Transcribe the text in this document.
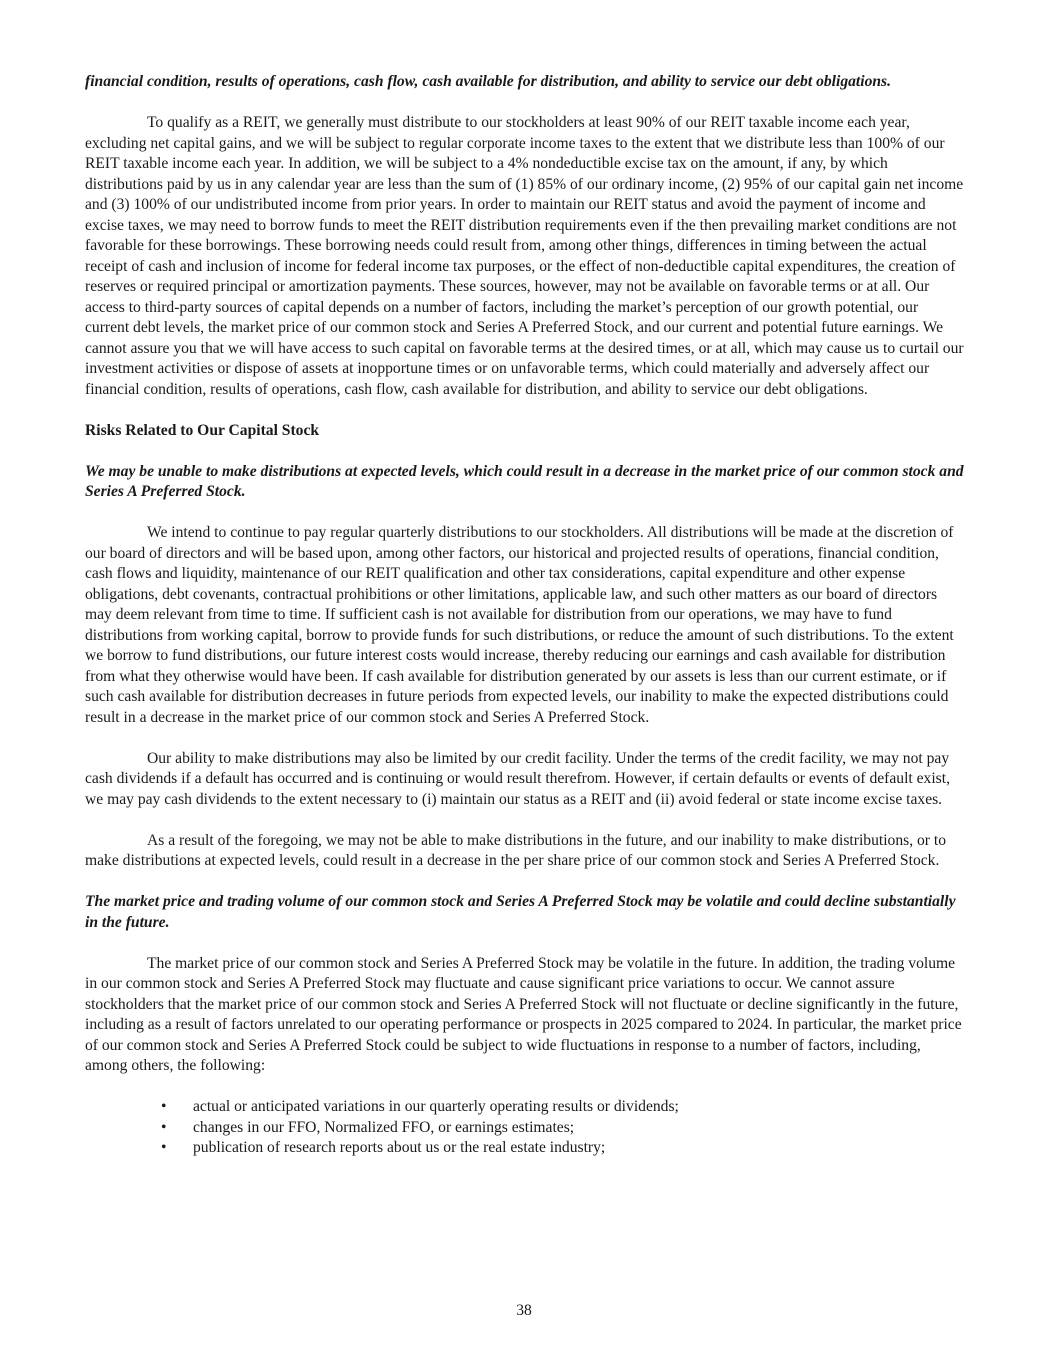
financial condition, results of operations, cash flow, cash available for distribution, and ability to service our debt obligations.

To qualify as a REIT, we generally must distribute to our stockholders at least 90% of our REIT taxable income each year, excluding net capital gains, and we will be subject to regular corporate income taxes to the extent that we distribute less than 100% of our REIT taxable income each year. In addition, we will be subject to a 4% nondeductible excise tax on the amount, if any, by which distributions paid by us in any calendar year are less than the sum of (1) 85% of our ordinary income, (2) 95% of our capital gain net income and (3) 100% of our undistributed income from prior years. In order to maintain our REIT status and avoid the payment of income and excise taxes, we may need to borrow funds to meet the REIT distribution requirements even if the then prevailing market conditions are not favorable for these borrowings. These borrowing needs could result from, among other things, differences in timing between the actual receipt of cash and inclusion of income for federal income tax purposes, or the effect of non-deductible capital expenditures, the creation of reserves or required principal or amortization payments. These sources, however, may not be available on favorable terms or at all. Our access to third-party sources of capital depends on a number of factors, including the market’s perception of our growth potential, our current debt levels, the market price of our common stock and Series A Preferred Stock, and our current and potential future earnings. We cannot assure you that we will have access to such capital on favorable terms at the desired times, or at all, which may cause us to curtail our investment activities or dispose of assets at inopportune times or on unfavorable terms, which could materially and adversely affect our financial condition, results of operations, cash flow, cash available for distribution, and ability to service our debt obligations.

Risks Related to Our Capital Stock

We may be unable to make distributions at expected levels, which could result in a decrease in the market price of our common stock and Series A Preferred Stock.

We intend to continue to pay regular quarterly distributions to our stockholders. All distributions will be made at the discretion of our board of directors and will be based upon, among other factors, our historical and projected results of operations, financial condition, cash flows and liquidity, maintenance of our REIT qualification and other tax considerations, capital expenditure and other expense obligations, debt covenants, contractual prohibitions or other limitations, applicable law, and such other matters as our board of directors may deem relevant from time to time. If sufficient cash is not available for distribution from our operations, we may have to fund distributions from working capital, borrow to provide funds for such distributions, or reduce the amount of such distributions. To the extent we borrow to fund distributions, our future interest costs would increase, thereby reducing our earnings and cash available for distribution from what they otherwise would have been. If cash available for distribution generated by our assets is less than our current estimate, or if such cash available for distribution decreases in future periods from expected levels, our inability to make the expected distributions could result in a decrease in the market price of our common stock and Series A Preferred Stock.

Our ability to make distributions may also be limited by our credit facility. Under the terms of the credit facility, we may not pay cash dividends if a default has occurred and is continuing or would result therefrom. However, if certain defaults or events of default exist, we may pay cash dividends to the extent necessary to (i) maintain our status as a REIT and (ii) avoid federal or state income excise taxes.

As a result of the foregoing, we may not be able to make distributions in the future, and our inability to make distributions, or to make distributions at expected levels, could result in a decrease in the per share price of our common stock and Series A Preferred Stock.

The market price and trading volume of our common stock and Series A Preferred Stock may be volatile and could decline substantially in the future.

The market price of our common stock and Series A Preferred Stock may be volatile in the future. In addition, the trading volume in our common stock and Series A Preferred Stock may fluctuate and cause significant price variations to occur. We cannot assure stockholders that the market price of our common stock and Series A Preferred Stock will not fluctuate or decline significantly in the future, including as a result of factors unrelated to our operating performance or prospects in 2025 compared to 2024. In particular, the market price of our common stock and Series A Preferred Stock could be subject to wide fluctuations in response to a number of factors, including, among others, the following:

• actual or anticipated variations in our quarterly operating results or dividends;
• changes in our FFO, Normalized FFO, or earnings estimates;
• publication of research reports about us or the real estate industry;
38
